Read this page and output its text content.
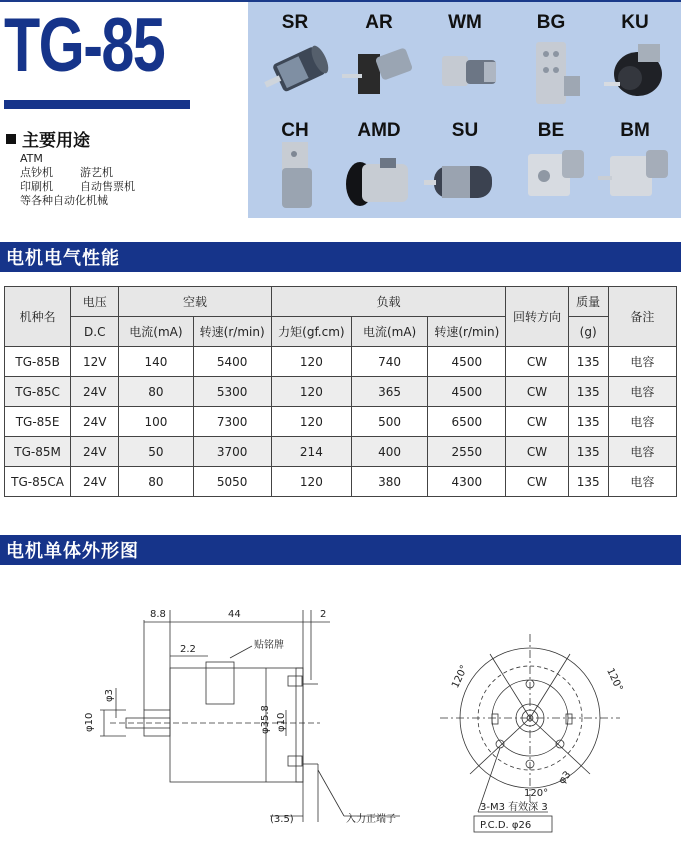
TG-85
主要用途
ATM
点钞机	游艺机
印刷机	自动售票机
等各种自动化机械
SR	AR	WM	BG	KU
CH	AMD	SU	BE	BM
电机电气性能
机种名	电压	空载		负载			回转方向	质量	备注
	D.C	电流(mA)	转速(r/min)	力矩(gf.cm)	电流(mA)	转速(r/min)		(g)	
TG-85B	12V	140	5400	120	740	4500	CW	135	电容
TG-85C	24V	80	5300	120	365	4500	CW	135	电容
TG-85E	24V	100	7300	120	500	6500	CW	135	电容
TG-85M	24V	50	3700	214	400	2550	CW	135	电容
TG-85CA	24V	80	5050	120	380	4300	CW	135	电容
电机单体外形图
8.8	44	2
2.2	贴铭牌
φ10
φ3
φ35.8 φ10
(3.5)	入力正端子
120°	120°
120°
φ3
3-M3 有效深 3
P.C.D. φ26
